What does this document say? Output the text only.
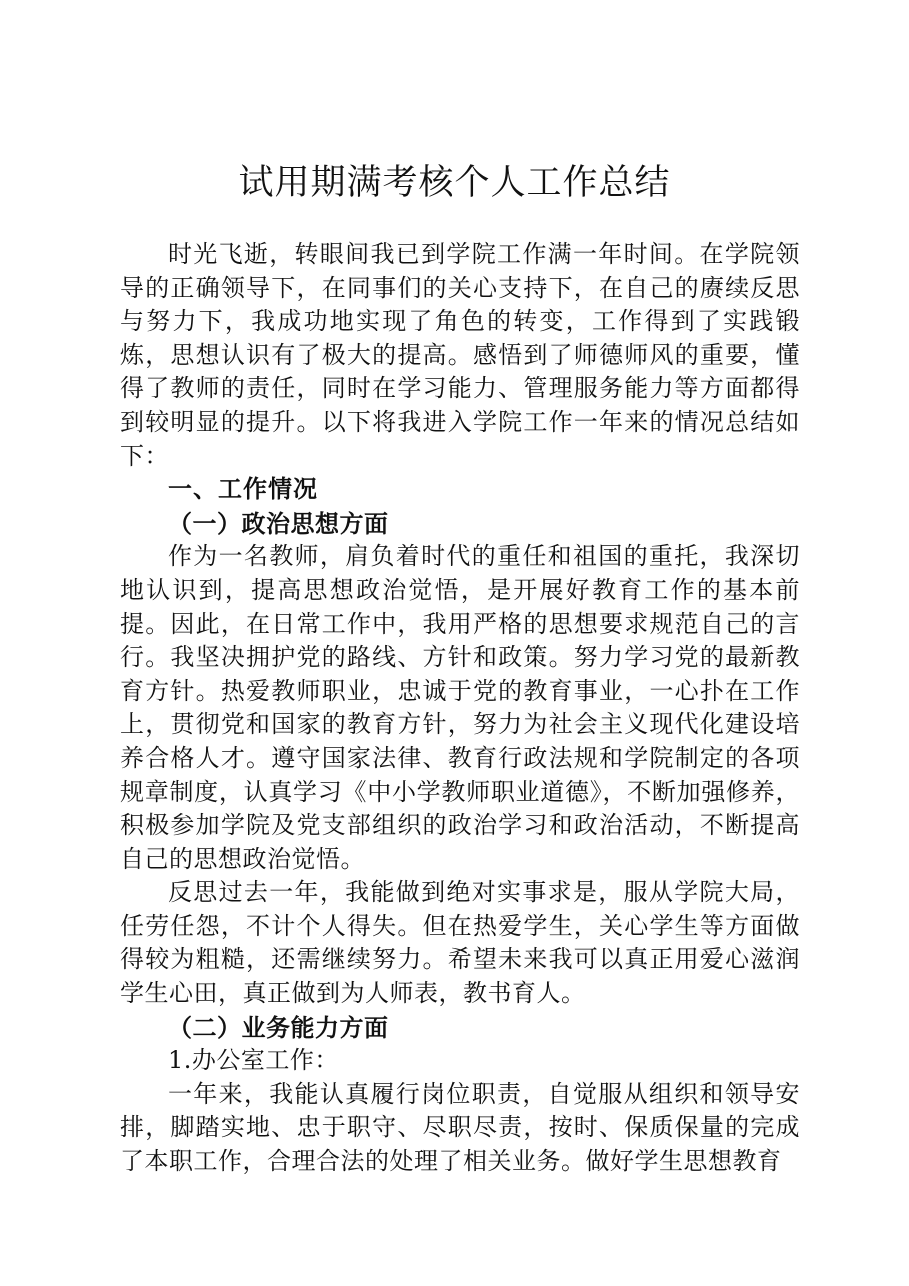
试用期满考核个人工作总结

时光飞逝，转眼间我已到学院工作满一年时间。在学院领导的正确领导下，在同事们的关心支持下，在自己的赓续反思与努力下，我成功地实现了角色的转变，工作得到了实践锻炼，思想认识有了极大的提高。感悟到了师德师风的重要，懂得了教师的责任，同时在学习能力、管理服务能力等方面都得到较明显的提升。以下将我进入学院工作一年来的情况总结如下：

一、工作情况

（一）政治思想方面

作为一名教师，肩负着时代的重任和祖国的重托，我深切地认识到，提高思想政治觉悟，是开展好教育工作的基本前提。因此，在日常工作中，我用严格的思想要求规范自己的言行。我坚决拥护党的路线、方针和政策。努力学习党的最新教育方针。热爱教师职业，忠诚于党的教育事业，一心扑在工作上，贯彻党和国家的教育方针，努力为社会主义现代化建设培养合格人才。遵守国家法律、教育行政法规和学院制定的各项规章制度，认真学习《中小学教师职业道德》，不断加强修养，积极参加学院及党支部组织的政治学习和政治活动，不断提高自己的思想政治觉悟。

反思过去一年，我能做到绝对实事求是，服从学院大局，任劳任怨，不计个人得失。但在热爱学生，关心学生等方面做得较为粗糙，还需继续努力。希望未来我可以真正用爱心滋润学生心田，真正做到为人师表，教书育人。

（二）业务能力方面

1.办公室工作：

一年来，我能认真履行岗位职责，自觉服从组织和领导安排，脚踏实地、忠于职守、尽职尽责，按时、保质保量的完成了本职工作，合理合法的处理了相关业务。做好学生思想教育
